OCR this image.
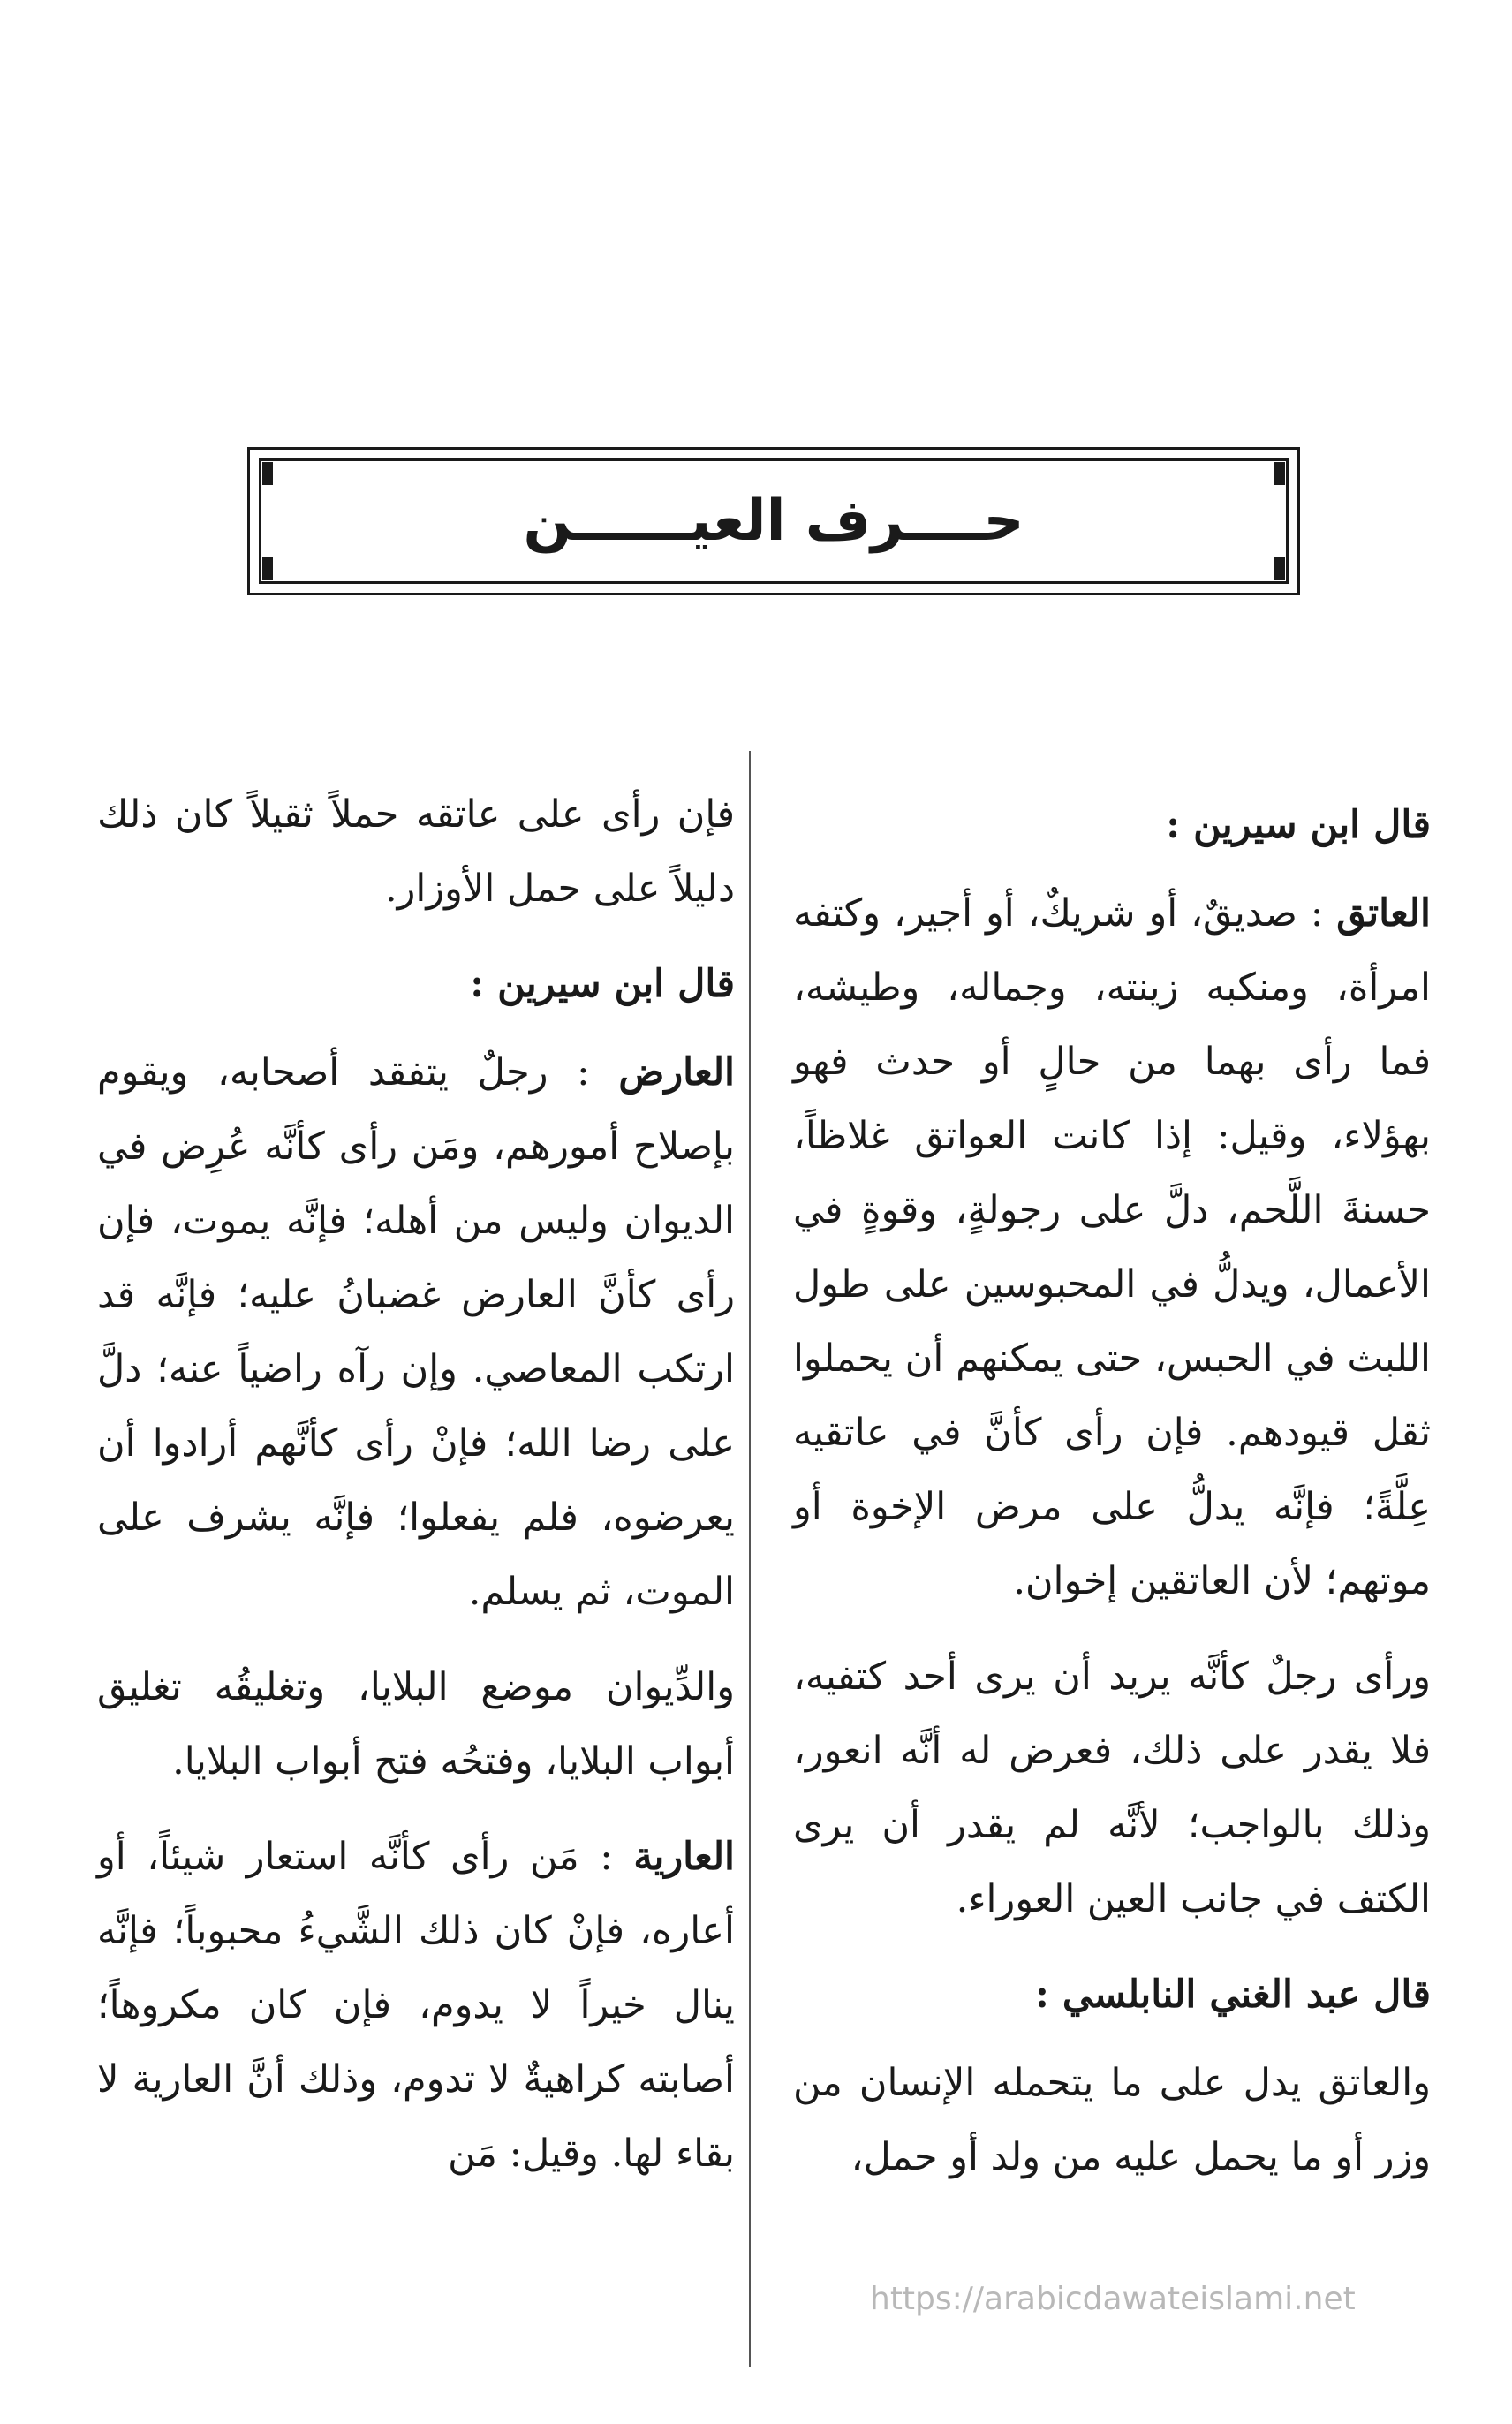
حــــرف العيــــــن

قال ابن سيرين :

العاتق : صديقٌ، أو شريكٌ، أو أجير، وكتفه امرأة، ومنكبه زينته، وجماله، وطيشه، فما رأى بهما من حالٍ أو حدث فهو بهؤلاء، وقيل: إذا كانت العواتق غلاظاً، حسنةَ اللَّحم، دلَّ على رجولةٍ، وقوةٍ في الأعمال، ويدلُّ في المحبوسين على طول اللبث في الحبس، حتى يمكنهم أن يحملوا ثقل قيودهم. فإن رأى كأنَّ في عاتقيه عِلَّةً؛ فإنَّه يدلُّ على مرض الإخوة أو موتهم؛ لأن العاتقين إخوان.

ورأى رجلٌ كأنَّه يريد أن يرى أحد كتفيه، فلا يقدر على ذلك، فعرض له أنَّه انعور، وذلك بالواجب؛ لأنَّه لم يقدر أن يرى الكتف في جانب العين العوراء.

قال عبد الغني النابلسي :

والعاتق يدل على ما يتحمله الإنسان من وزر أو ما يحمل عليه من ولد أو حمل،

فإن رأى على عاتقه حملاً ثقيلاً كان ذلك دليلاً على حمل الأوزار.

قال ابن سيرين :

العارض : رجلٌ يتفقد أصحابه، ويقوم بإصلاح أمورهم، ومَن رأى كأنَّه عُرِض في الديوان وليس من أهله؛ فإنَّه يموت، فإن رأى كأنَّ العارض غضبانُ عليه؛ فإنَّه قد ارتكب المعاصي. وإن رآه راضياً عنه؛ دلَّ على رضا الله؛ فإنْ رأى كأنَّهم أرادوا أن يعرضوه، فلم يفعلوا؛ فإنَّه يشرف على الموت، ثم يسلم.

والدِّيوان موضع البلايا، وتغليقُه تغليق أبواب البلايا، وفتحُه فتح أبواب البلايا.

العارية : مَن رأى كأنَّه استعار شيئاً، أو أعاره، فإنْ كان ذلك الشَّيءُ محبوباً؛ فإنَّه ينال خيراً لا يدوم، فإن كان مكروهاً؛ أصابته كراهيةٌ لا تدوم، وذلك أنَّ العارية لا بقاء لها. وقيل: مَن

https://arabicdawateislami.net
